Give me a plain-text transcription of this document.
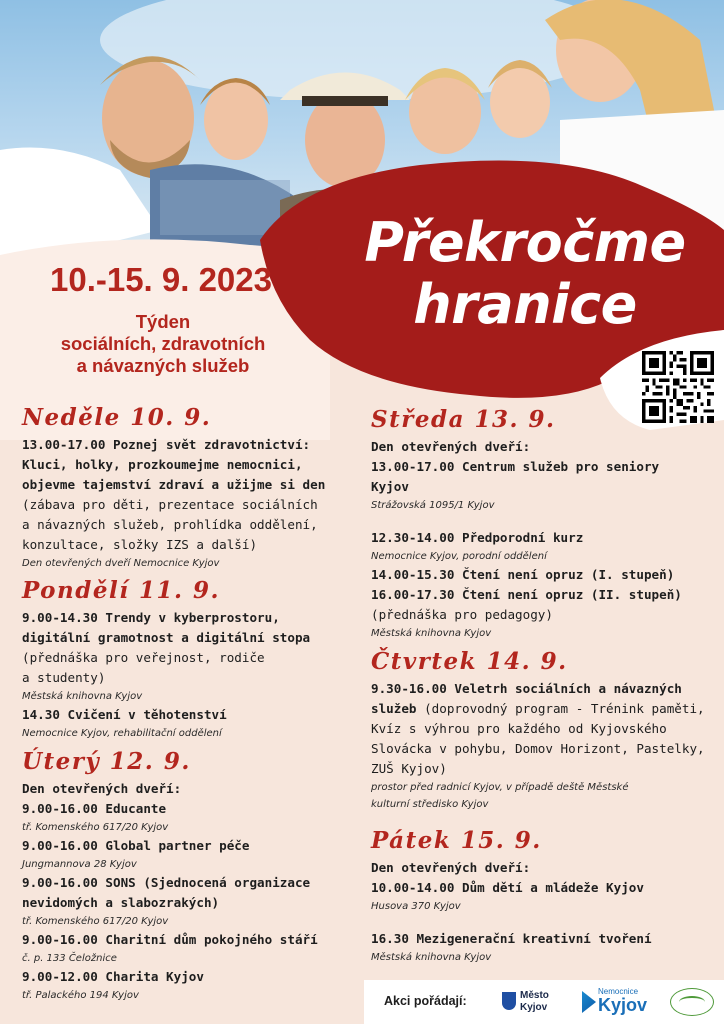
Překročme hranice
10.-15. 9. 2023
Týden
sociálních, zdravotních
a návazných služeb
Neděle 10. 9.
13.00-17.00 Poznej svět zdravotnictví:
Kluci, holky, prozkoumejme nemocnici,
objevme tajemství zdraví a užijme si den
(zábava pro děti, prezentace sociálních
a návazných služeb, prohlídka oddělení,
konzultace, složky IZS a další)
Den otevřených dveří Nemocnice Kyjov
Pondělí 11. 9.
9.00-14.30 Trendy v kyberprostoru,
digitální gramotnost a digitální stopa
(přednáška pro veřejnost, rodiče
a studenty)
Městská knihovna Kyjov
14.30 Cvičení v těhotenství
Nemocnice Kyjov, rehabilitační oddělení
Úterý 12. 9.
Den otevřených dveří:
9.00-16.00 Educante
tř. Komenského 617/20 Kyjov
9.00-16.00 Global partner péče
Jungmannova 28 Kyjov
9.00-16.00 SONS (Sjednocená organizace
nevidomých a slabozrakých)
tř. Komenského 617/20 Kyjov
9.00-16.00 Charitní dům pokojného stáří
č. p. 133 Čeložnice
9.00-12.00 Charita Kyjov
tř. Palackého 194 Kyjov
Středa 13. 9.
Den otevřených dveří:
13.00-17.00 Centrum služeb pro seniory
Kyjov
Strážovská 1095/1 Kyjov
12.30-14.00 Předporodní kurz
Nemocnice Kyjov, porodní oddělení
14.00-15.30 Čtení není opruz (I. stupeň)
16.00-17.30 Čtení není opruz (II. stupeň)
(přednáška pro pedagogy)
Městská knihovna Kyjov
Čtvrtek 14. 9.
9.30-16.00 Veletrh sociálních a návazných
služeb (doprovodný program - Trénink paměti,
Kvíz s výhrou pro každého od Kyjovského
Slovácka v pohybu, Domov Horizont, Pastelky,
ZUŠ Kyjov)
prostor před radnicí Kyjov, v případě deště Městské
kulturní středisko Kyjov
Pátek 15. 9.
Den otevřených dveří:
10.00-14.00 Dům dětí a mládeže Kyjov
Husova 370 Kyjov
16.30 Mezigenerační kreativní tvoření
Městská knihovna Kyjov
Akci pořádají:	Město
Kyjov
Nemocnice
Kyjov
